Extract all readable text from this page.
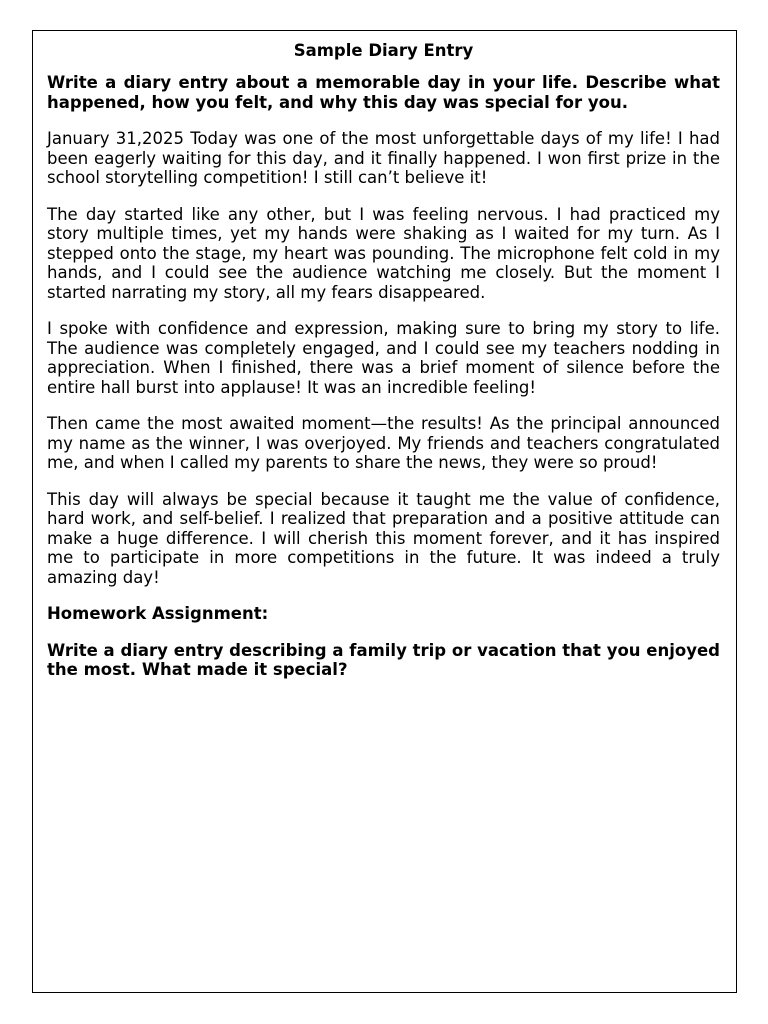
Sample Diary Entry
Write a diary entry about a memorable day in your life. Describe what happened, how you felt, and why this day was special for you.
January 31,2025 Today was one of the most unforgettable days of my life! I had been eagerly waiting for this day, and it finally happened. I won first prize in the school storytelling competition! I still can’t believe it!
The day started like any other, but I was feeling nervous. I had practiced my story multiple times, yet my hands were shaking as I waited for my turn. As I stepped onto the stage, my heart was pounding. The microphone felt cold in my hands, and I could see the audience watching me closely. But the moment I started narrating my story, all my fears disappeared.
I spoke with confidence and expression, making sure to bring my story to life. The audience was completely engaged, and I could see my teachers nodding in appreciation. When I finished, there was a brief moment of silence before the entire hall burst into applause! It was an incredible feeling!
Then came the most awaited moment—the results! As the principal announced my name as the winner, I was overjoyed. My friends and teachers congratulated me, and when I called my parents to share the news, they were so proud!
This day will always be special because it taught me the value of confidence, hard work, and self-belief. I realized that preparation and a positive attitude can make a huge difference. I will cherish this moment forever, and it has inspired me to participate in more competitions in the future. It was indeed a truly amazing day!
Homework Assignment:
Write a diary entry describing a family trip or vacation that you enjoyed the most. What made it special?
